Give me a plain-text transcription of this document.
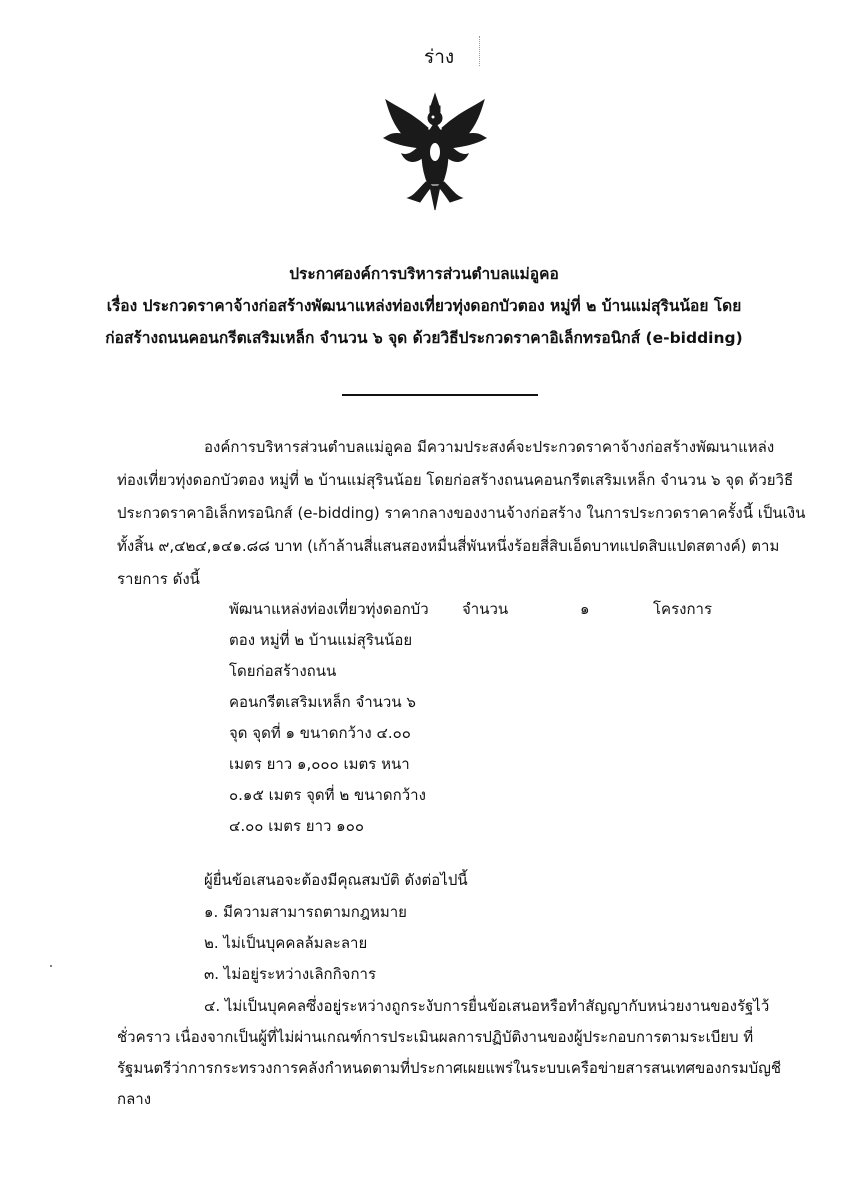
ร่าง
ประกาศองค์การบริหารส่วนตำบลแม่อูคอ
เรื่อง ประกวดราคาจ้างก่อสร้างพัฒนาแหล่งท่องเที่ยวทุ่งดอกบัวตอง หมู่ที่ ๒ บ้านแม่สุรินน้อย โดย
ก่อสร้างถนนคอนกรีตเสริมเหล็ก จำนวน ๖ จุด ด้วยวิธีประกวดราคาอิเล็กทรอนิกส์ (e-bidding)
องค์การบริหารส่วนตำบลแม่อูคอ มีความประสงค์จะประกวดราคาจ้างก่อสร้างพัฒนาแหล่ง
ท่องเที่ยวทุ่งดอกบัวตอง หมู่ที่ ๒ บ้านแม่สุรินน้อย โดยก่อสร้างถนนคอนกรีตเสริมเหล็ก จำนวน ๖ จุด ด้วยวิธี
ประกวดราคาอิเล็กทรอนิกส์ (e-bidding) ราคากลางของงานจ้างก่อสร้าง ในการประกวดราคาครั้งนี้ เป็นเงิน
ทั้งสิ้น ๙,๔๒๔,๑๔๑.๘๘ บาท (เก้าล้านสี่แสนสองหมื่นสี่พันหนึ่งร้อยสี่สิบเอ็ดบาทแปดสิบแปดสตางค์) ตาม
รายการ ดังนี้
พัฒนาแหล่งท่องเที่ยวทุ่งดอกบัว
ตอง หมู่ที่ ๒ บ้านแม่สุรินน้อย
โดยก่อสร้างถนน
คอนกรีตเสริมเหล็ก จำนวน ๖
จุด จุดที่ ๑ ขนาดกว้าง ๔.๐๐
เมตร ยาว ๑,๐๐๐ เมตร หนา
๐.๑๕ เมตร จุดที่ ๒ ขนาดกว้าง
๔.๐๐ เมตร ยาว ๑๐๐
จำนวน	๑	โครงการ
ผู้ยื่นข้อเสนอจะต้องมีคุณสมบัติ ดังต่อไปนี้
๑. มีความสามารถตามกฎหมาย
๒. ไม่เป็นบุคคลล้มละลาย
๓. ไม่อยู่ระหว่างเลิกกิจการ
๔. ไม่เป็นบุคคลซึ่งอยู่ระหว่างถูกระงับการยื่นข้อเสนอหรือทำสัญญากับหน่วยงานของรัฐไว้
ชั่วคราว เนื่องจากเป็นผู้ที่ไม่ผ่านเกณฑ์การประเมินผลการปฏิบัติงานของผู้ประกอบการตามระเบียบ ที่
รัฐมนตรีว่าการกระทรวงการคลังกำหนดตามที่ประกาศเผยแพร่ในระบบเครือข่ายสารสนเทศของกรมบัญชี
กลาง
